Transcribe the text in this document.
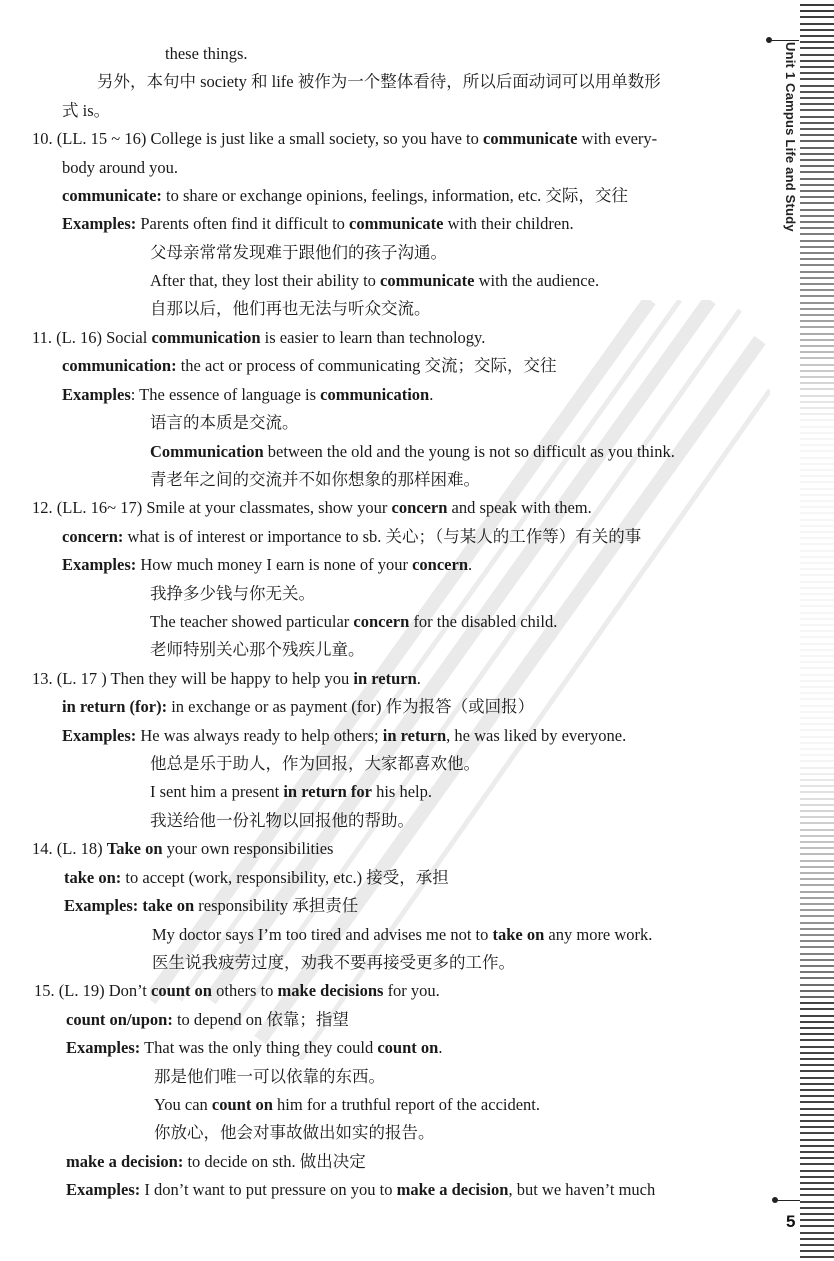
these things.
另外，本句中 society 和 life 被作为一个整体看待，所以后面动词可以用单数形
式 is。
10. (LL. 15 ~ 16) College is just like a small society, so you have to communicate with every-
body around you.
communicate: to share or exchange opinions, feelings, information, etc. 交际，交往
Examples: Parents often find it difficult to communicate with their children.
父母亲常常发现难于跟他们的孩子沟通。
After that, they lost their ability to communicate with the audience.
自那以后，他们再也无法与听众交流。
11. (L. 16) Social communication is easier to learn than technology.
communication: the act or process of communicating 交流；交际，交往
Examples: The essence of language is communication.
语言的本质是交流。
Communication between the old and the young is not so difficult as you think.
青老年之间的交流并不如你想象的那样困难。
12. (LL. 16~ 17) Smile at your classmates, show your concern and speak with them.
concern: what is of interest or importance to sb. 关心；（与某人的工作等）有关的事
Examples: How much money I earn is none of your concern.
我挣多少钱与你无关。
The teacher showed particular concern for the disabled child.
老师特别关心那个残疾儿童。
13. (L. 17 ) Then they will be happy to help you in return.
in return (for): in exchange or as payment (for) 作为报答（或回报）
Examples: He was always ready to help others; in return, he was liked by everyone.
他总是乐于助人，作为回报，大家都喜欢他。
I sent him a present in return for his help.
我送给他一份礼物以回报他的帮助。
14. (L. 18) Take on your own responsibilities
take on: to accept (work, responsibility, etc.) 接受，承担
Examples: take on responsibility 承担责任
My doctor says I’m too tired and advises me not to take on any more work.
医生说我疲劳过度，劝我不要再接受更多的工作。
15. (L. 19) Don’t count on others to make decisions for you.
count on/upon: to depend on 依靠；指望
Examples: That was the only thing they could count on.
那是他们唯一可以依靠的东西。
You can count on him for a truthful report of the accident.
你放心，他会对事故做出如实的报告。
make a decision: to decide on sth. 做出决定
Examples: I don’t want to put pressure on you to make a decision, but we haven’t much
Unit 1 Campus Life and Study
5
